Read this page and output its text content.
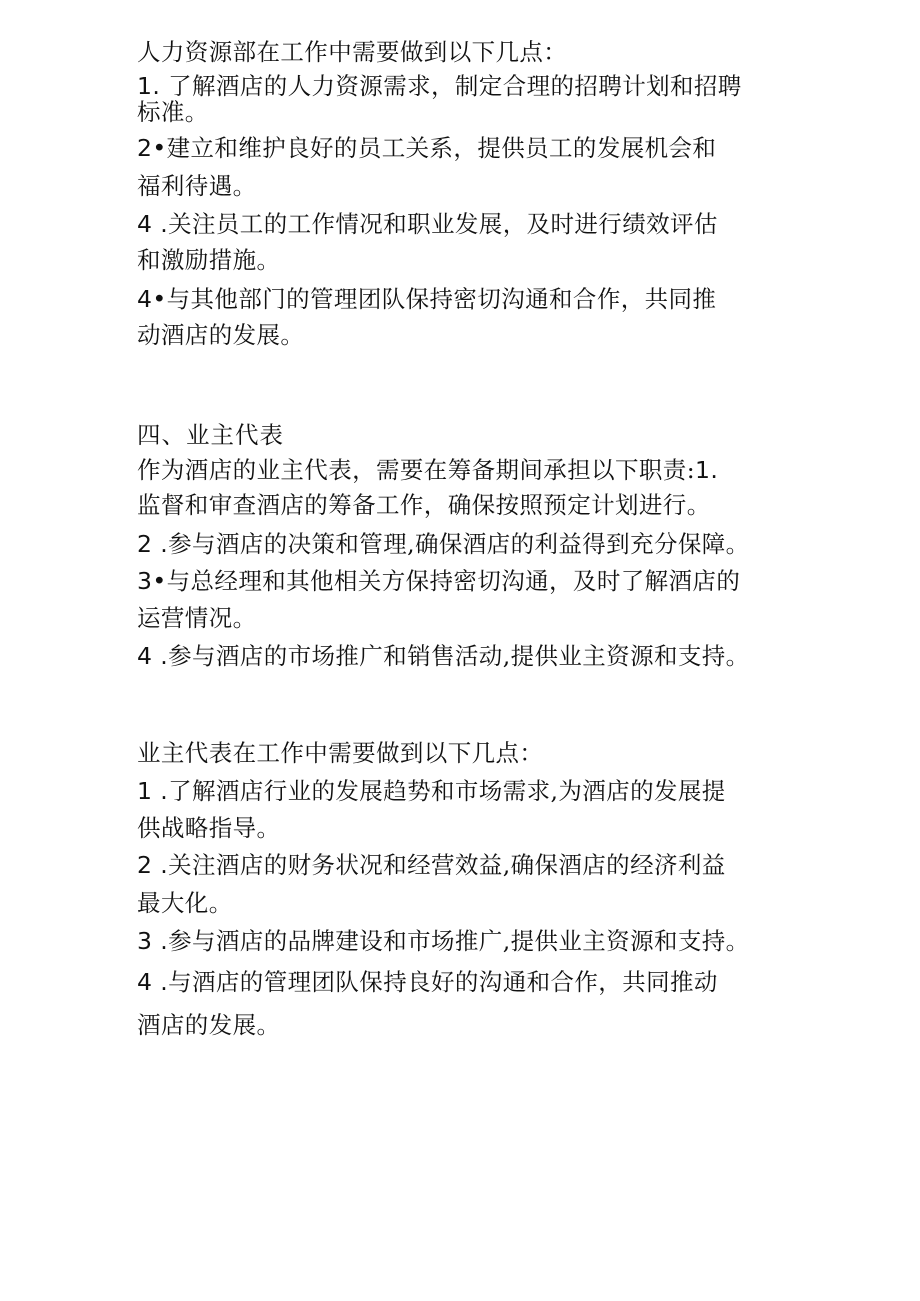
人力资源部在工作中需要做到以下几点：
1. 了解酒店的人力资源需求，制定合理的招聘计划和招聘
标准。
2•建立和维护良好的员工关系，提供员工的发展机会和
福利待遇。
4 .关注员工的工作情况和职业发展，及时进行绩效评估
和激励措施。
4•与其他部门的管理团队保持密切沟通和合作，共同推
动酒店的发展。
四、业主代表
作为酒店的业主代表，需要在筹备期间承担以下职责:1.
监督和审查酒店的筹备工作，确保按照预定计划进行。
2 .参与酒店的决策和管理,确保酒店的利益得到充分保障。
3•与总经理和其他相关方保持密切沟通，及时了解酒店的
运营情况。
4 .参与酒店的市场推广和销售活动,提供业主资源和支持。
业主代表在工作中需要做到以下几点：
1 .了解酒店行业的发展趋势和市场需求,为酒店的发展提
供战略指导。
2 .关注酒店的财务状况和经营效益,确保酒店的经济利益
最大化。
3 .参与酒店的品牌建设和市场推广,提供业主资源和支持。
4 .与酒店的管理团队保持良好的沟通和合作，共同推动
酒店的发展。
